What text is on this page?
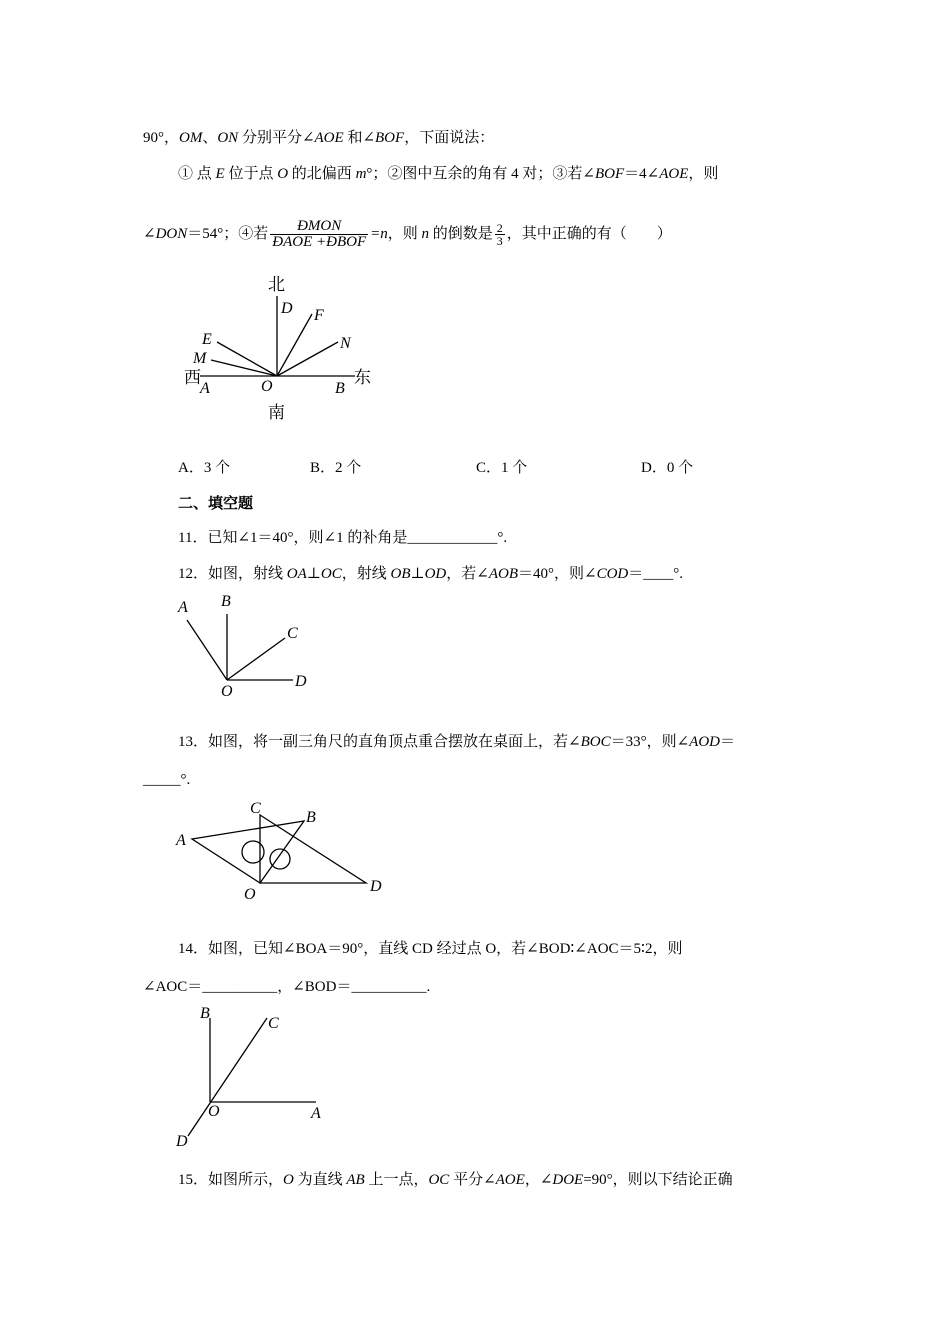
90°，OM、ON 分别平分∠AOE 和∠BOF，下面说法：
① 点 E 位于点 O 的北偏西 m°；②图中互余的角有 4 对；③若∠BOF＝4∠AOE，则
∠DON＝54°；④若 $\frac{\text{ÐMON}}{\text{ÐAOE +ÐBOF}} =n$，则 n 的倒数是 $\frac{2}{3}$ ，其中正确的有（　　）
北
南
西	东
D F
N
E
M
A	O	B
A．3 个	B．2 个	C．1 个	D．0 个
二、填空题
11．已知∠1＝40°，则∠1 的补角是____________°.
12．如图，射线 OA⊥OC，射线 OB⊥OD，若∠AOB＝40°，则∠COD＝____°.
A B
C
D
O
13．如图，将一副三角尺的直角顶点重合摆放在桌面上，若∠BOC＝33°，则∠AOD＝
_____°.
C
B
A
D
O
14．如图，已知∠BOA＝90°，直线 CD 经过点 O，若∠BOD∶∠AOC＝5∶2，则
∠AOC＝__________，∠BOD＝__________.
B
C
O	A
D
15．如图所示，O 为直线 AB 上一点，OC 平分∠AOE，∠DOE=90°，则以下结论正确
